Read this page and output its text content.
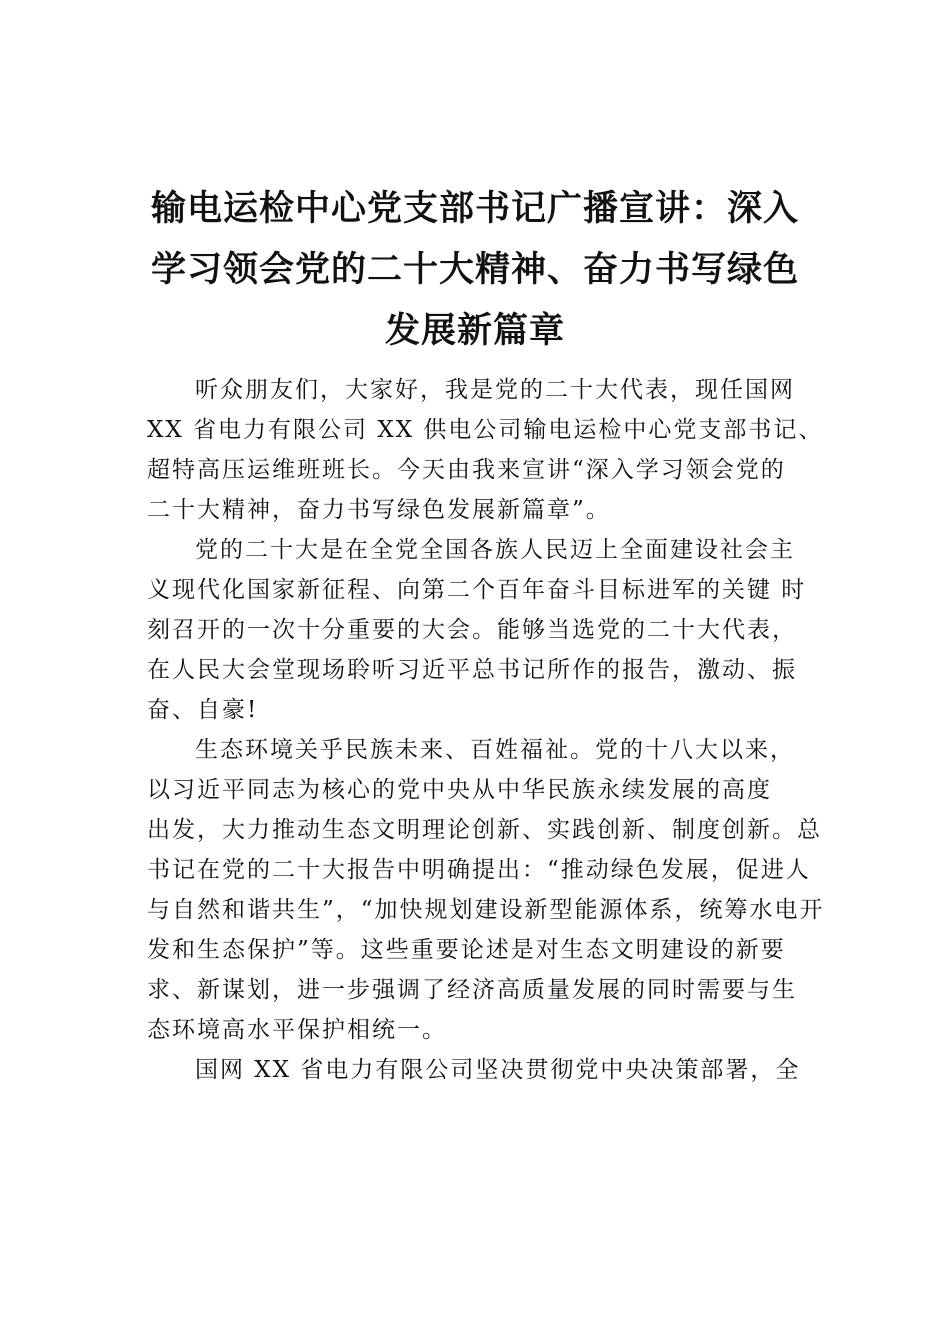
输电运检中心党支部书记广播宣讲：深入
学习领会党的二十大精神、奋力书写绿色
发展新篇章

听众朋友们，大家好，我是党的二十大代表，现任国网
XX 省电力有限公司 XX 供电公司输电运检中心党支部书记、
超特高压运维班班长。今天由我来宣讲“深入学习领会党的
二十大精神，奋力书写绿色发展新篇章”。

党的二十大是在全党全国各族人民迈上全面建设社会主
义现代化国家新征程、向第二个百年奋斗目标进军的关键 时
刻召开的一次十分重要的大会。能够当选党的二十大代表，
在人民大会堂现场聆听习近平总书记所作的报告，激动、振
奋、自豪!

生态环境关乎民族未来、百姓福祉。党的十八大以来，
以习近平同志为核心的党中央从中华民族永续发展的高度
出发，大力推动生态文明理论创新、实践创新、制度创新。总
书记在党的二十大报告中明确提出：“推动绿色发展，促进人
与自然和谐共生”，“加快规划建设新型能源体系，统筹水电开
发和生态保护”等。这些重要论述是对生态文明建设的新要
求、新谋划，进一步强调了经济高质量发展的同时需要与生
态环境高水平保护相统一。

国网 XX 省电力有限公司坚决贯彻党中央决策部署，全
